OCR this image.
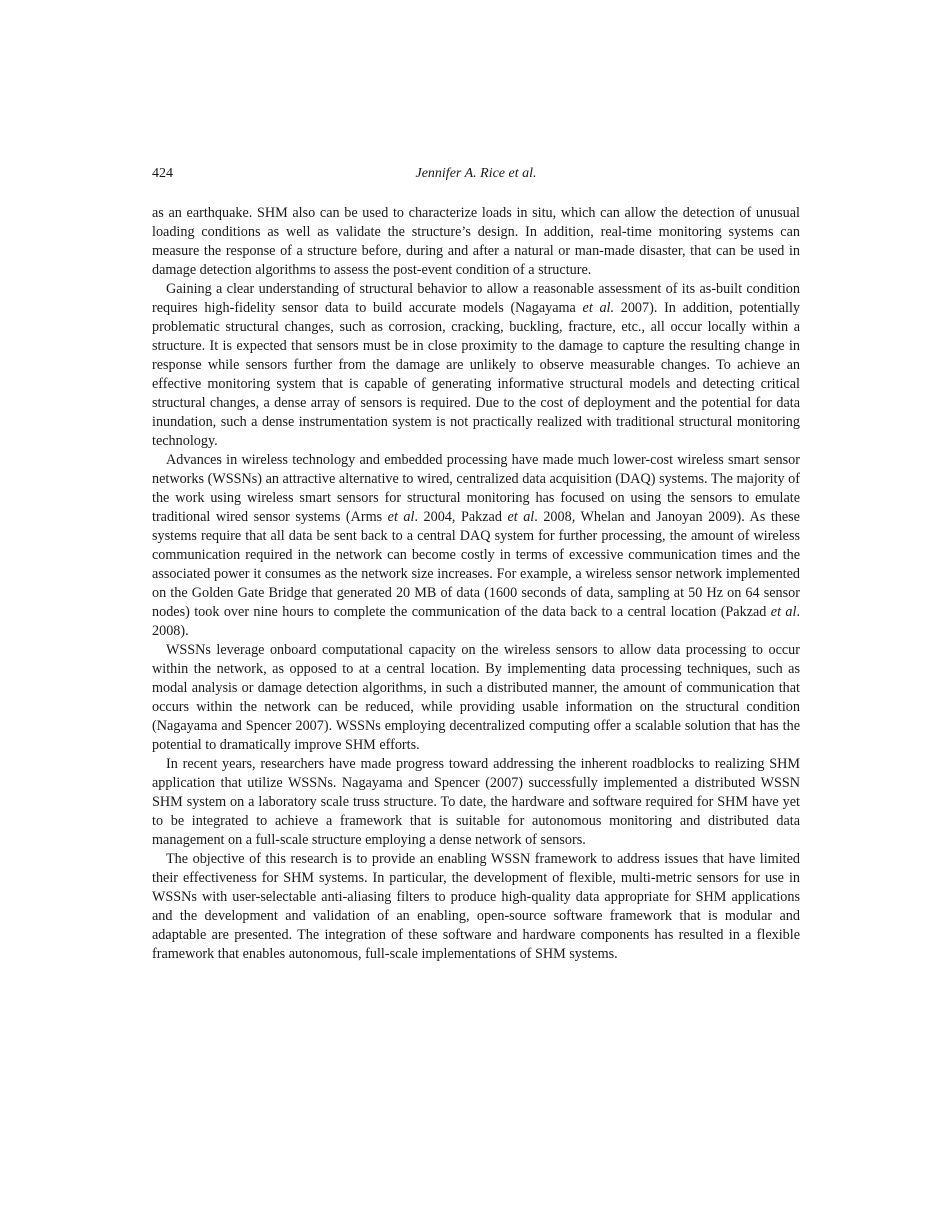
424	Jennifer A. Rice et al.

as an earthquake. SHM also can be used to characterize loads in situ, which can allow the detection of unusual loading conditions as well as validate the structure’s design. In addition, real-time monitoring systems can measure the response of a structure before, during and after a natural or man-made disaster, that can be used in damage detection algorithms to assess the post-event condition of a structure.

Gaining a clear understanding of structural behavior to allow a reasonable assessment of its as-built condition requires high-fidelity sensor data to build accurate models (Nagayama et al. 2007). In addition, potentially problematic structural changes, such as corrosion, cracking, buckling, fracture, etc., all occur locally within a structure. It is expected that sensors must be in close proximity to the damage to capture the resulting change in response while sensors further from the damage are unlikely to observe measurable changes. To achieve an effective monitoring system that is capable of generating informative structural models and detecting critical structural changes, a dense array of sensors is required. Due to the cost of deployment and the potential for data inundation, such a dense instrumentation system is not practically realized with traditional structural monitoring technology.

Advances in wireless technology and embedded processing have made much lower-cost wireless smart sensor networks (WSSNs) an attractive alternative to wired, centralized data acquisition (DAQ) systems. The majority of the work using wireless smart sensors for structural monitoring has focused on using the sensors to emulate traditional wired sensor systems (Arms et al. 2004, Pakzad et al. 2008, Whelan and Janoyan 2009). As these systems require that all data be sent back to a central DAQ system for further processing, the amount of wireless communication required in the network can become costly in terms of excessive communication times and the associated power it consumes as the network size increases. For example, a wireless sensor network implemented on the Golden Gate Bridge that generated 20 MB of data (1600 seconds of data, sampling at 50 Hz on 64 sensor nodes) took over nine hours to complete the communication of the data back to a central location (Pakzad et al. 2008).

WSSNs leverage onboard computational capacity on the wireless sensors to allow data processing to occur within the network, as opposed to at a central location. By implementing data processing techniques, such as modal analysis or damage detection algorithms, in such a distributed manner, the amount of communication that occurs within the network can be reduced, while providing usable information on the structural condition (Nagayama and Spencer 2007). WSSNs employing decentralized computing offer a scalable solution that has the potential to dramatically improve SHM efforts.

In recent years, researchers have made progress toward addressing the inherent roadblocks to realizing SHM application that utilize WSSNs. Nagayama and Spencer (2007) successfully implemented a distributed WSSN SHM system on a laboratory scale truss structure. To date, the hardware and software required for SHM have yet to be integrated to achieve a framework that is suitable for autonomous monitoring and distributed data management on a full-scale structure employing a dense network of sensors.

The objective of this research is to provide an enabling WSSN framework to address issues that have limited their effectiveness for SHM systems. In particular, the development of flexible, multi-metric sensors for use in WSSNs with user-selectable anti-aliasing filters to produce high-quality data appropriate for SHM applications and the development and validation of an enabling, open-source software framework that is modular and adaptable are presented. The integration of these software and hardware components has resulted in a flexible framework that enables autonomous, full-scale implementations of SHM systems.
